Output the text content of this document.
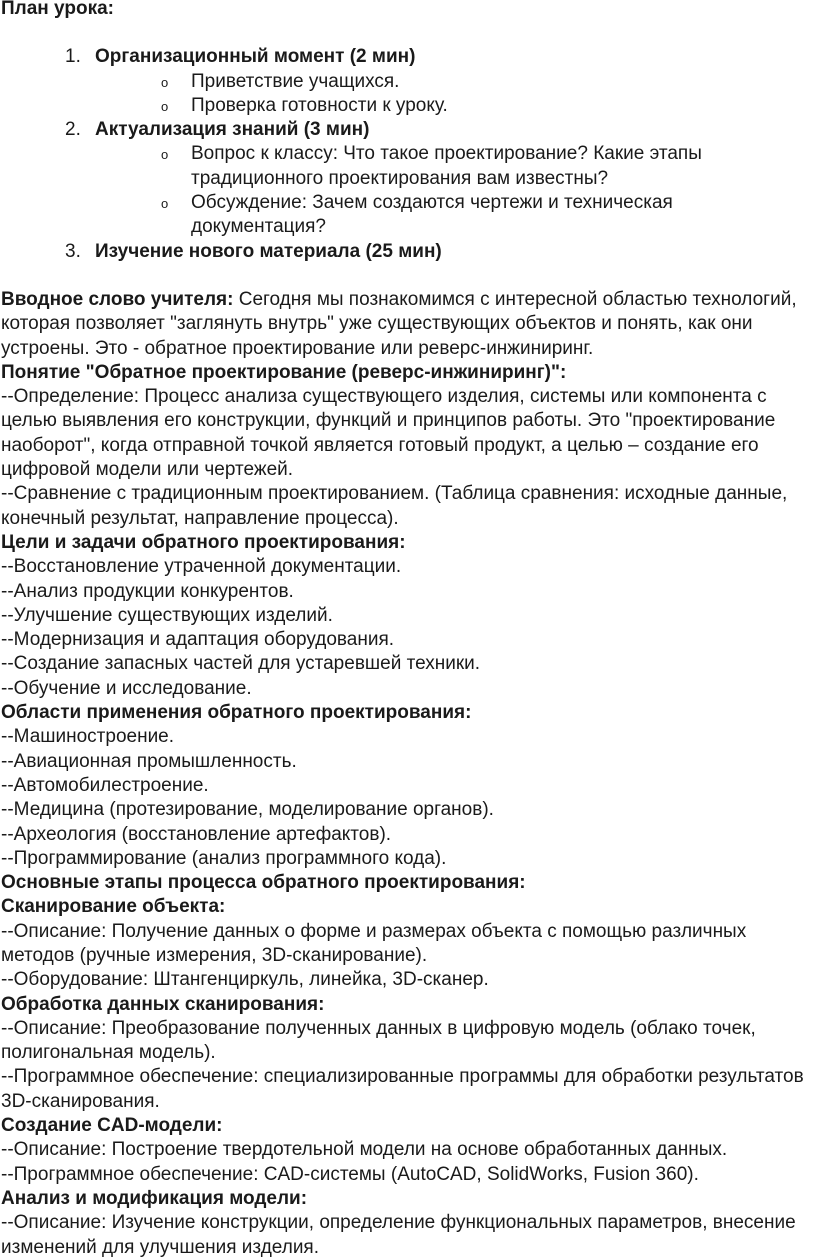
План урока:

1. Организационный момент (2 мин)
o Приветствие учащихся.
o Проверка готовности к уроку.
2. Актуализация знаний (3 мин)
o Вопрос к классу: Что такое проектирование? Какие этапы традиционного проектирования вам известны?
o Обсуждение: Зачем создаются чертежи и техническая документация?
3. Изучение нового материала (25 мин)

Вводное слово учителя: Сегодня мы познакомимся с интересной областью технологий, которая позволяет "заглянуть внутрь" уже существующих объектов и понять, как они устроены. Это - обратное проектирование или реверс-инжиниринг.

Понятие "Обратное проектирование (реверс-инжиниринг)":

--Определение: Процесс анализа существующего изделия, системы или компонента с целью выявления его конструкции, функций и принципов работы. Это "проектирование наоборот", когда отправной точкой является готовый продукт, а целью – создание его цифровой модели или чертежей.

--Сравнение с традиционным проектированием. (Таблица сравнения: исходные данные, конечный результат, направление процесса).

Цели и задачи обратного проектирования:

--Восстановление утраченной документации.

--Анализ продукции конкурентов.

--Улучшение существующих изделий.

--Модернизация и адаптация оборудования.

--Создание запасных частей для устаревшей техники.

--Обучение и исследование.

Области применения обратного проектирования:

--Машиностроение.

--Авиационная промышленность.

--Автомобилестроение.

--Медицина (протезирование, моделирование органов).

--Археология (восстановление артефактов).

--Программирование (анализ программного кода).

Основные этапы процесса обратного проектирования:

Сканирование объекта:

--Описание: Получение данных о форме и размерах объекта с помощью различных методов (ручные измерения, 3D-сканирование).

--Оборудование: Штангенциркуль, линейка, 3D-сканер.

Обработка данных сканирования:

--Описание: Преобразование полученных данных в цифровую модель (облако точек, полигональная модель).

--Программное обеспечение: специализированные программы для обработки результатов 3D-сканирования.

Создание CAD-модели:

--Описание: Построение твердотельной модели на основе обработанных данных.

--Программное обеспечение: CAD-системы (AutoCAD, SolidWorks, Fusion 360).

Анализ и модификация модели:

--Описание: Изучение конструкции, определение функциональных параметров, внесение изменений для улучшения изделия.
